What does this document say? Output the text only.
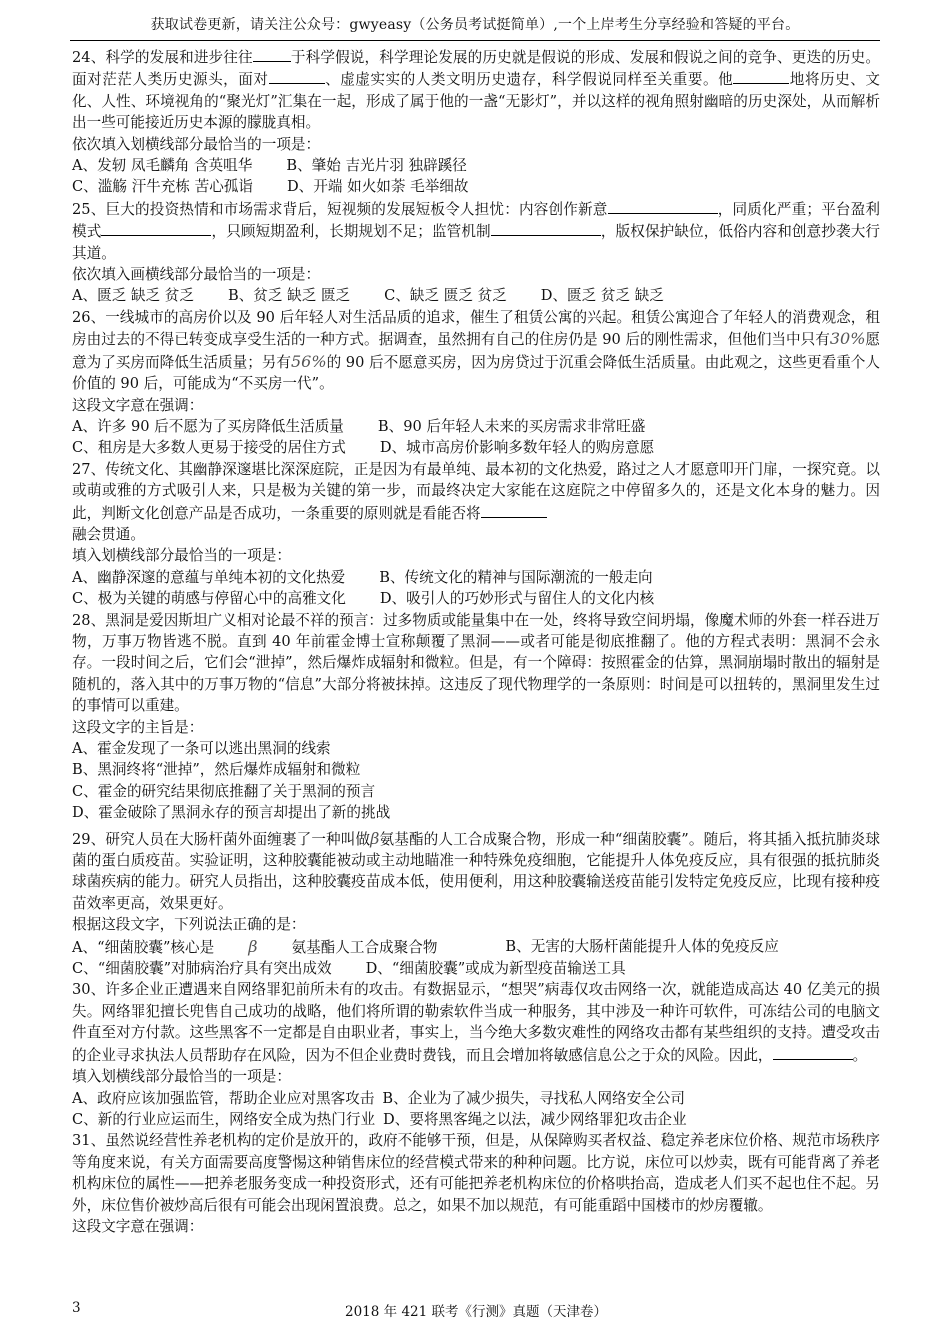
获取试卷更新，请关注公众号：gwyeasy（公务员考试挺简单）,一个上岸考生分享经验和答疑的平台。

24、科学的发展和进步往往	于科学假说，科学理论发展的历史就是假说的形成、发展和假说之间的竞争、更迭的历史。面对茫茫人类历史源头，面对	、虚虚实实的人类文明历史遗存，科学假说同样至关重要。他	地将历史、文化、人性、环境视角的“聚光灯”汇集在一起，形成了属于他的一盏“无影灯”，并以这样的视角照射幽暗的历史深处，从而解析出一些可能接近历史本源的朦胧真相。

依次填入划横线部分最恰当的一项是：

A、发轫 凤毛麟角 含英咀华 B、肇始 吉光片羽 独辟蹊径
C、滥觞 汗牛充栋 苦心孤诣 D、开端 如火如荼 毛举细故

25、巨大的投资热情和市场需求背后，短视频的发展短板令人担忧：内容创作新意	，同质化严重；平台盈利模式	，只顾短期盈利，长期规划不足；监管机制	，版权保护缺位，低俗内容和创意抄袭大行其道。

依次填入画横线部分最恰当的一项是：

A、匮乏 缺乏 贫乏 B、贫乏 缺乏 匮乏 C、缺乏 匮乏 贫乏 D、匮乏 贫乏 缺乏

26、一线城市的高房价以及 90 后年轻人对生活品质的追求，催生了租赁公寓的兴起。租赁公寓迎合了年轻人的消费观念，租房由过去的不得已转变成享受生活的一种方式。据调查，虽然拥有自己的住房仍是 90 后的刚性需求，但他们当中只有30%愿意为了买房而降低生活质量；另有56%的 90 后不愿意买房，因为房贷过于沉重会降低生活质量。由此观之，这些更看重个人价值的 90 后，可能成为“不买房一代”。

这段文字意在强调：

A、许多 90 后不愿为了买房降低生活质量 B、90 后年轻人未来的买房需求非常旺盛
C、租房是大多数人更易于接受的居住方式 D、城市高房价影响多数年轻人的购房意愿

27、传统文化、其幽静深邃堪比深深庭院，正是因为有最单纯、最本初的文化热爱，路过之人才愿意叩开门扉，一探究竟。以或萌或雅的方式吸引人来，只是极为关键的第一步，而最终决定大家能在这庭院之中停留多久的，还是文化本身的魅力。因此，判断文化创意产品是否成功，一条重要的原则就是看能否将

融会贯通。

填入划横线部分最恰当的一项是：

A、幽静深邃的意蕴与单纯本初的文化热爱 B、传统文化的精神与国际潮流的一般走向
C、极为关键的萌感与停留心中的高雅文化 D、吸引人的巧妙形式与留住人的文化内核

28、黑洞是爱因斯坦广义相对论最不祥的预言：过多物质或能量集中在一处，终将导致空间坍塌，像魔术师的外套一样吞进万物，万事万物皆逃不脱。直到 40 年前霍金博士宣称颠覆了黑洞——或者可能是彻底推翻了。他的方程式表明：黑洞不会永存。一段时间之后，它们会“泄掉”，然后爆炸成辐射和微粒。但是，有一个障碍：按照霍金的估算，黑洞崩塌时散出的辐射是随机的，落入其中的万事万物的“信息”大部分将被抹掉。这违反了现代物理学的一条原则：时间是可以扭转的，黑洞里发生过的事情可以重建。

这段文字的主旨是：

A、霍金发现了一条可以逃出黑洞的线索

B、黑洞终将“泄掉”，然后爆炸成辐射和微粒

C、霍金的研究结果彻底推翻了关于黑洞的预言

D、霍金破除了黑洞永存的预言却提出了新的挑战

29、研究人员在大肠杆菌外面缠裹了一种叫做β氨基酯的人工合成聚合物，形成一种“细菌胶囊”。随后，将其插入抵抗肺炎球菌的蛋白质疫苗。实验证明，这种胶囊能被动或主动地瞄准一种特殊免疫细胞，它能提升人体免疫反应，具有很强的抵抗肺炎球菌疾病的能力。研究人员指出，这种胶囊疫苗成本低，使用便利，用这种胶囊输送疫苗能引发特定免疫反应，比现有接种疫苗效率更高，效果更好。

根据这段文字，下列说法正确的是：

A、“细菌胶囊”核心是 β 氨基酯人工合成聚合物	B、无害的大肠杆菌能提升人体的免疫反应
C、“细菌胶囊”对肺病治疗具有突出成效 D、“细菌胶囊”或成为新型疫苗输送工具

30、许多企业正遭遇来自网络罪犯前所未有的攻击。有数据显示，“想哭”病毒仅攻击网络一次，就能造成高达 40 亿美元的损失。网络罪犯擅长兜售自己成功的战略，他们将所谓的勒索软件当成一种服务，其中涉及一种许可软件，可冻结公司的电脑文件直至对方付款。这些黑客不一定都是自由职业者，事实上，当今绝大多数灾难性的网络攻击都有某些组织的支持。遭受攻击的企业寻求执法人员帮助存在风险，因为不但企业费时费钱，而且会增加将敏感信息公之于众的风险。因此，	。

填入划横线部分最恰当的一项是：

A、政府应该加强监管，帮助企业应对黑客攻击 B、企业为了减少损失，寻找私人网络安全公司
C、新的行业应运而生，网络安全成为热门行业 D、要将黑客绳之以法，减少网络罪犯攻击企业

31、虽然说经营性养老机构的定价是放开的，政府不能够干预，但是，从保障购买者权益、稳定养老床位价格、规范市场秩序等角度来说，有关方面需要高度警惕这种销售床位的经营模式带来的种种问题。比方说，床位可以炒卖，既有可能背离了养老机构床位的属性——把养老服务变成一种投资形式，还有可能把养老机构床位的价格哄抬高，造成老人们买不起也住不起。另外，床位售价被炒高后很有可能会出现闲置浪费。总之，如果不加以规范，有可能重蹈中国楼市的炒房覆辙。

这段文字意在强调：

3	2018 年 421 联考《行测》真题（天津卷）
